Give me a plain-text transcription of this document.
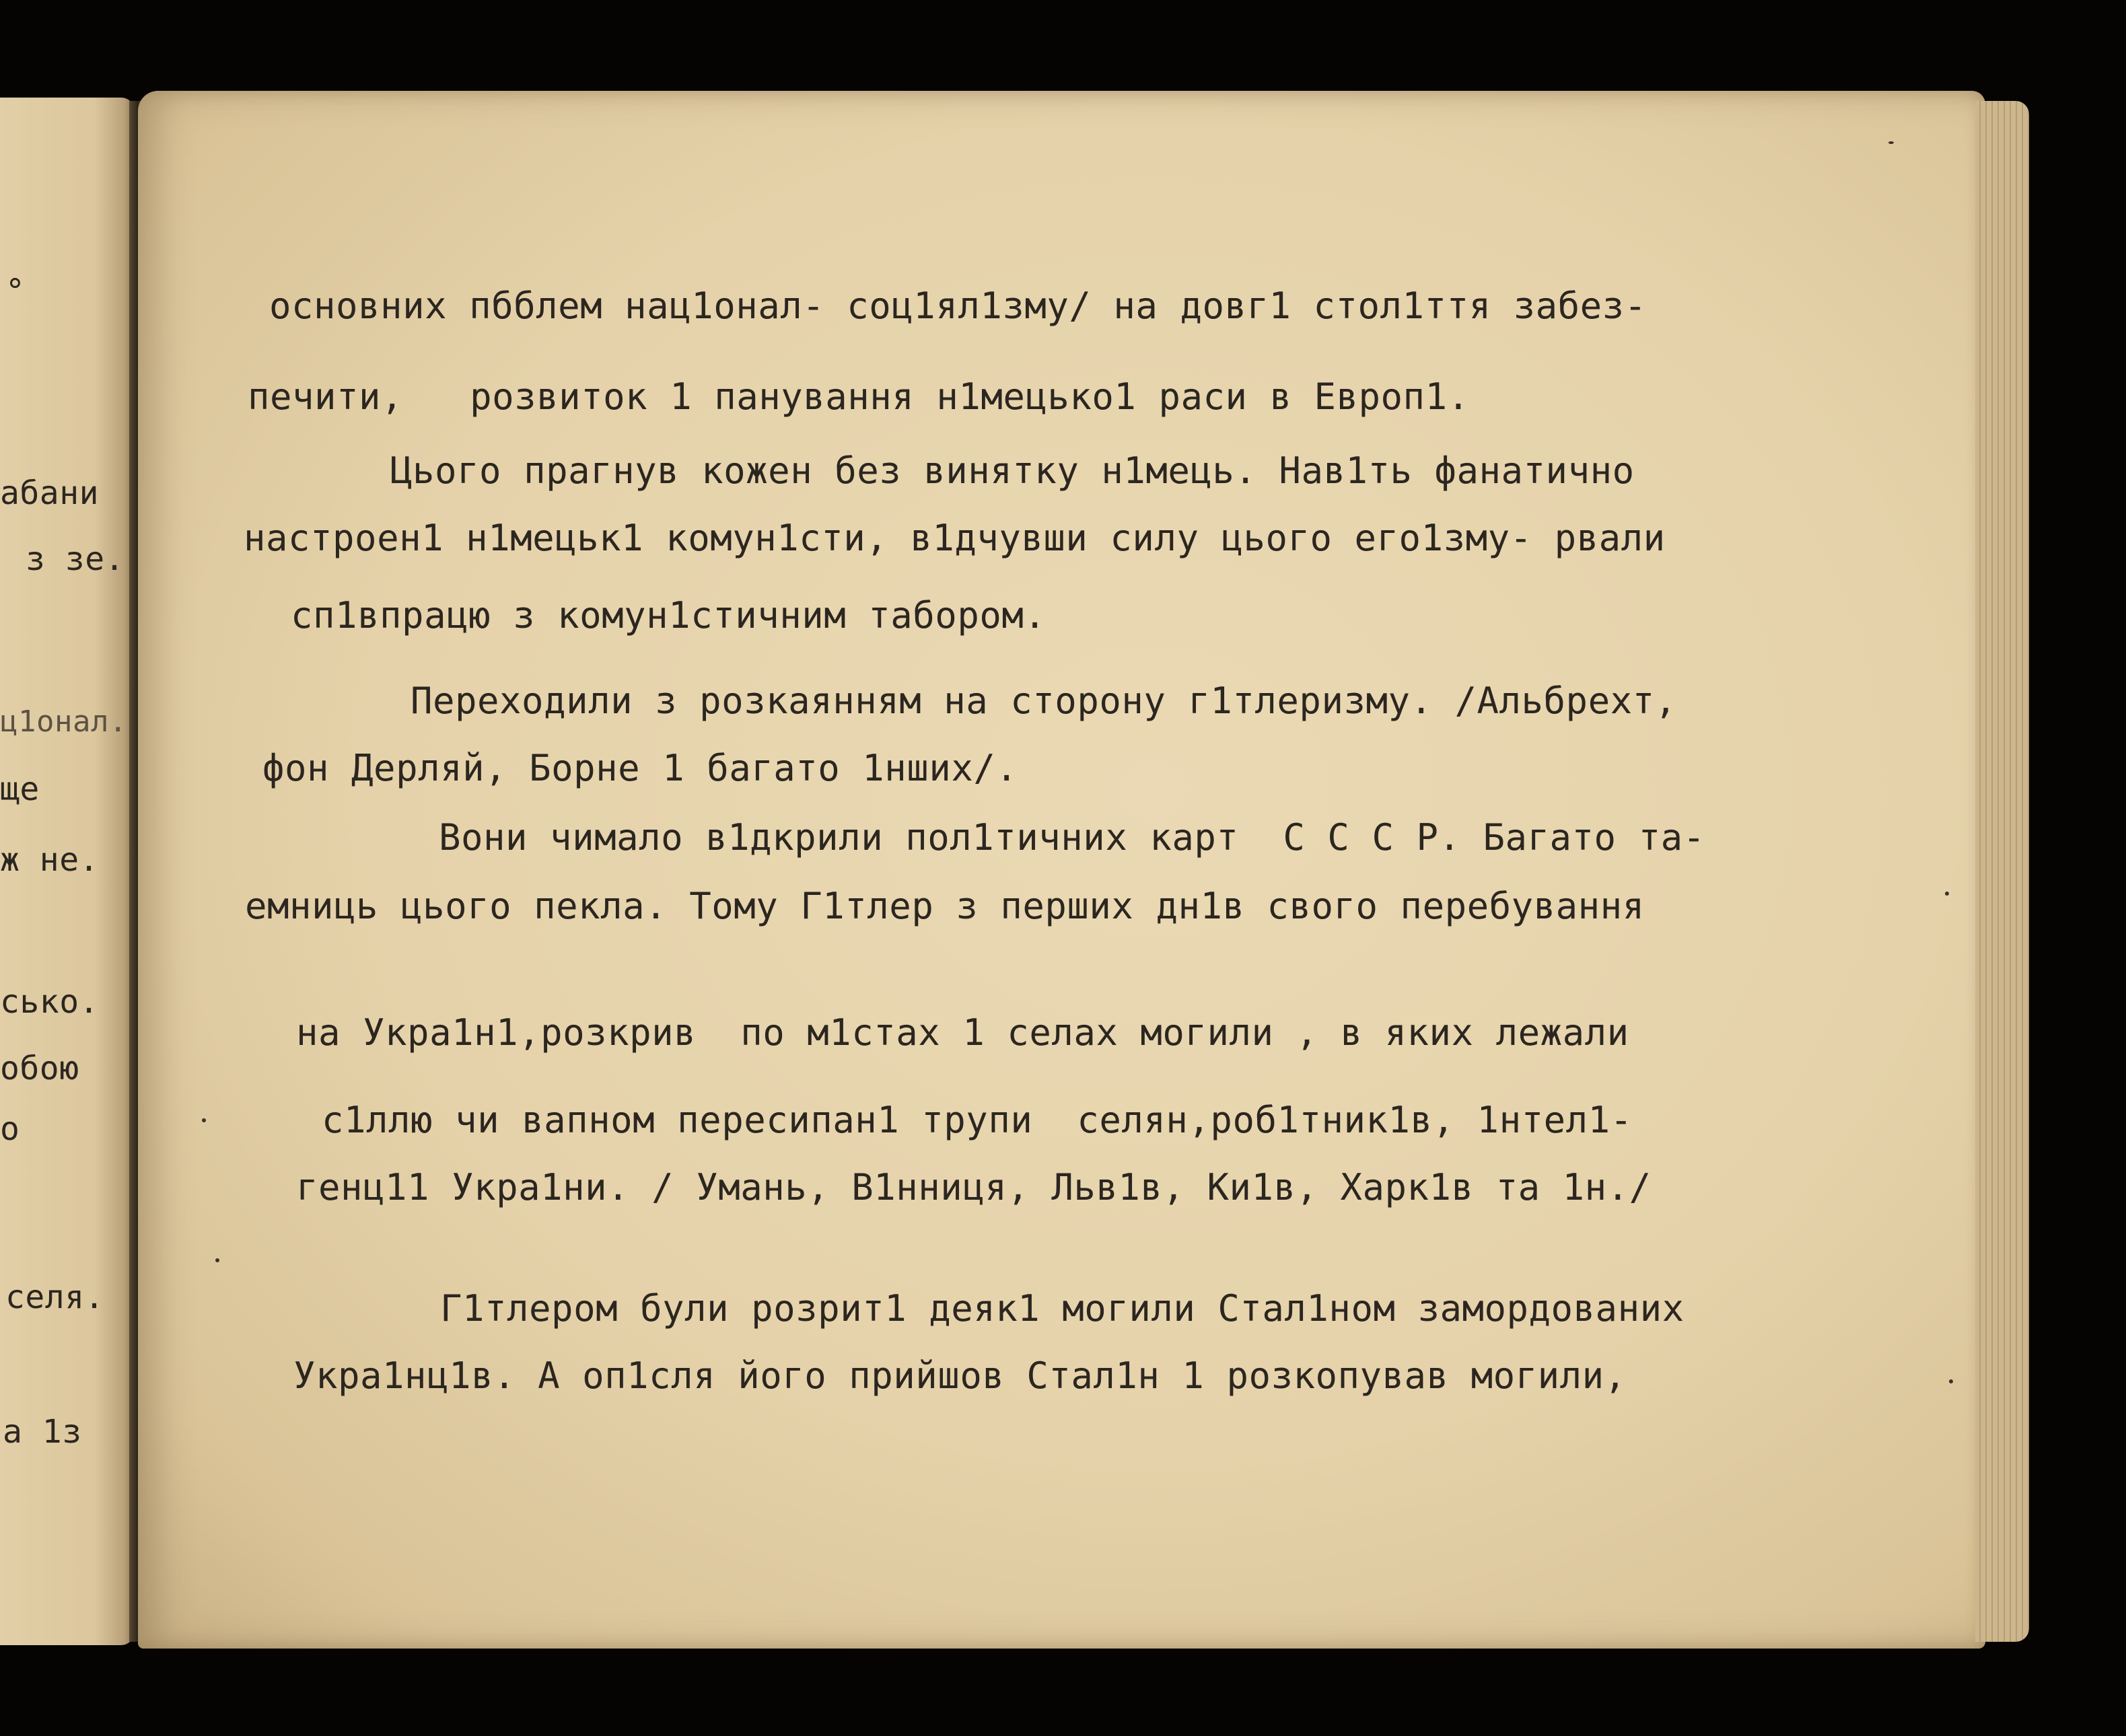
°
абани
з зе.
ц1онал.
ще
ж не.
сько.
обою
о
селя.
а 1з
основних пбблем нац1онал- соц1ял1зму/ на довг1 стол1ття забез-
печити,   розвиток 1 панування н1мецько1 раси в Европ1.
Цього прагнув кожен без винятку н1мець. Нав1ть фанатично
настроен1 н1мецьк1 комун1сти, в1дчувши силу цього его1зму- рвали
сп1впрацю з комун1стичним табором.
Переходили з розкаянням на сторону г1тлеризму. /Альбрехт,
фон Дерляй, Борне 1 багато 1нших/.
Вони чимало в1дкрили пол1тичних карт  С С С Р. Багато та-
емниць цього пекла. Тому Г1тлер з перших дн1в свого перебування
на Укра1н1,розкрив  по м1стах 1 селах могили , в яких лежали
с1ллю чи вапном пересипан1 трупи  селян,роб1тник1в, 1нтел1-
генц11 Укра1ни. / Умань, В1нниця, Льв1в, Ки1в, Харк1в та 1н./
Г1тлером були розрит1 деяк1 могили Стал1ном замордованих
Укра1нц1в. А оп1сля його прийшов Стал1н 1 розкопував могили,
